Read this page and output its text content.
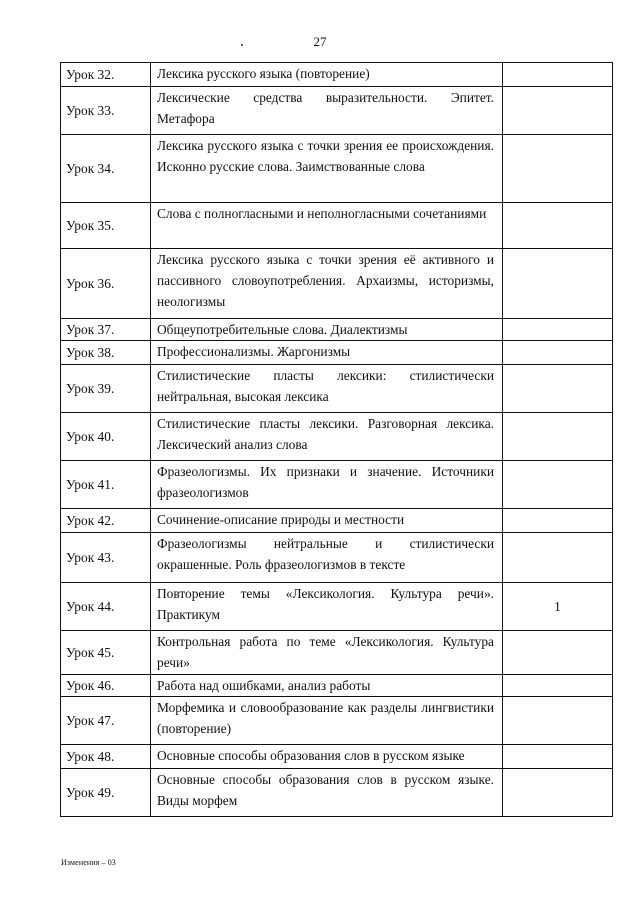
27
Урок 32.	Лексика русского языка (повторение)	
Урок 33.	Лексические средства выразительности. Эпитет. Метафора	
Урок 34.	Лексика русского языка с точки зрения ее происхождения. Исконно русские слова. Заимствованные слова	
Урок 35.	Слова с полногласными и неполногласными сочетаниями	
Урок 36.	Лексика русского языка с точки зрения её активного и пассивного словоупотребления. Архаизмы, историзмы, неологизмы	
Урок 37.	Общеупотребительные слова. Диалектизмы	
Урок 38.	Профессионализмы. Жаргонизмы	
Урок 39.	Стилистические пласты лексики: стилистически нейтральная, высокая лексика	
Урок 40.	Стилистические пласты лексики. Разговорная лексика. Лексический анализ слова	
Урок 41.	Фразеологизмы. Их признаки и значение. Источники фразеологизмов	
Урок 42.	Сочинение-описание природы и местности	
Урок 43.	Фразеологизмы нейтральные и стилистически окрашенные. Роль фразеологизмов в тексте	
Урок 44.	Повторение темы «Лексикология. Культура речи». Практикум	1
Урок 45.	Контрольная работа по теме «Лексикология. Культура речи»	
Урок 46.	Работа над ошибками, анализ работы	
Урок 47.	Морфемика и словообразование как разделы лингвистики (повторение)	
Урок 48.	Основные способы образования слов в русском языке	
Урок 49.	Основные способы образования слов в русском языке. Виды морфем	
Изменения – 03
